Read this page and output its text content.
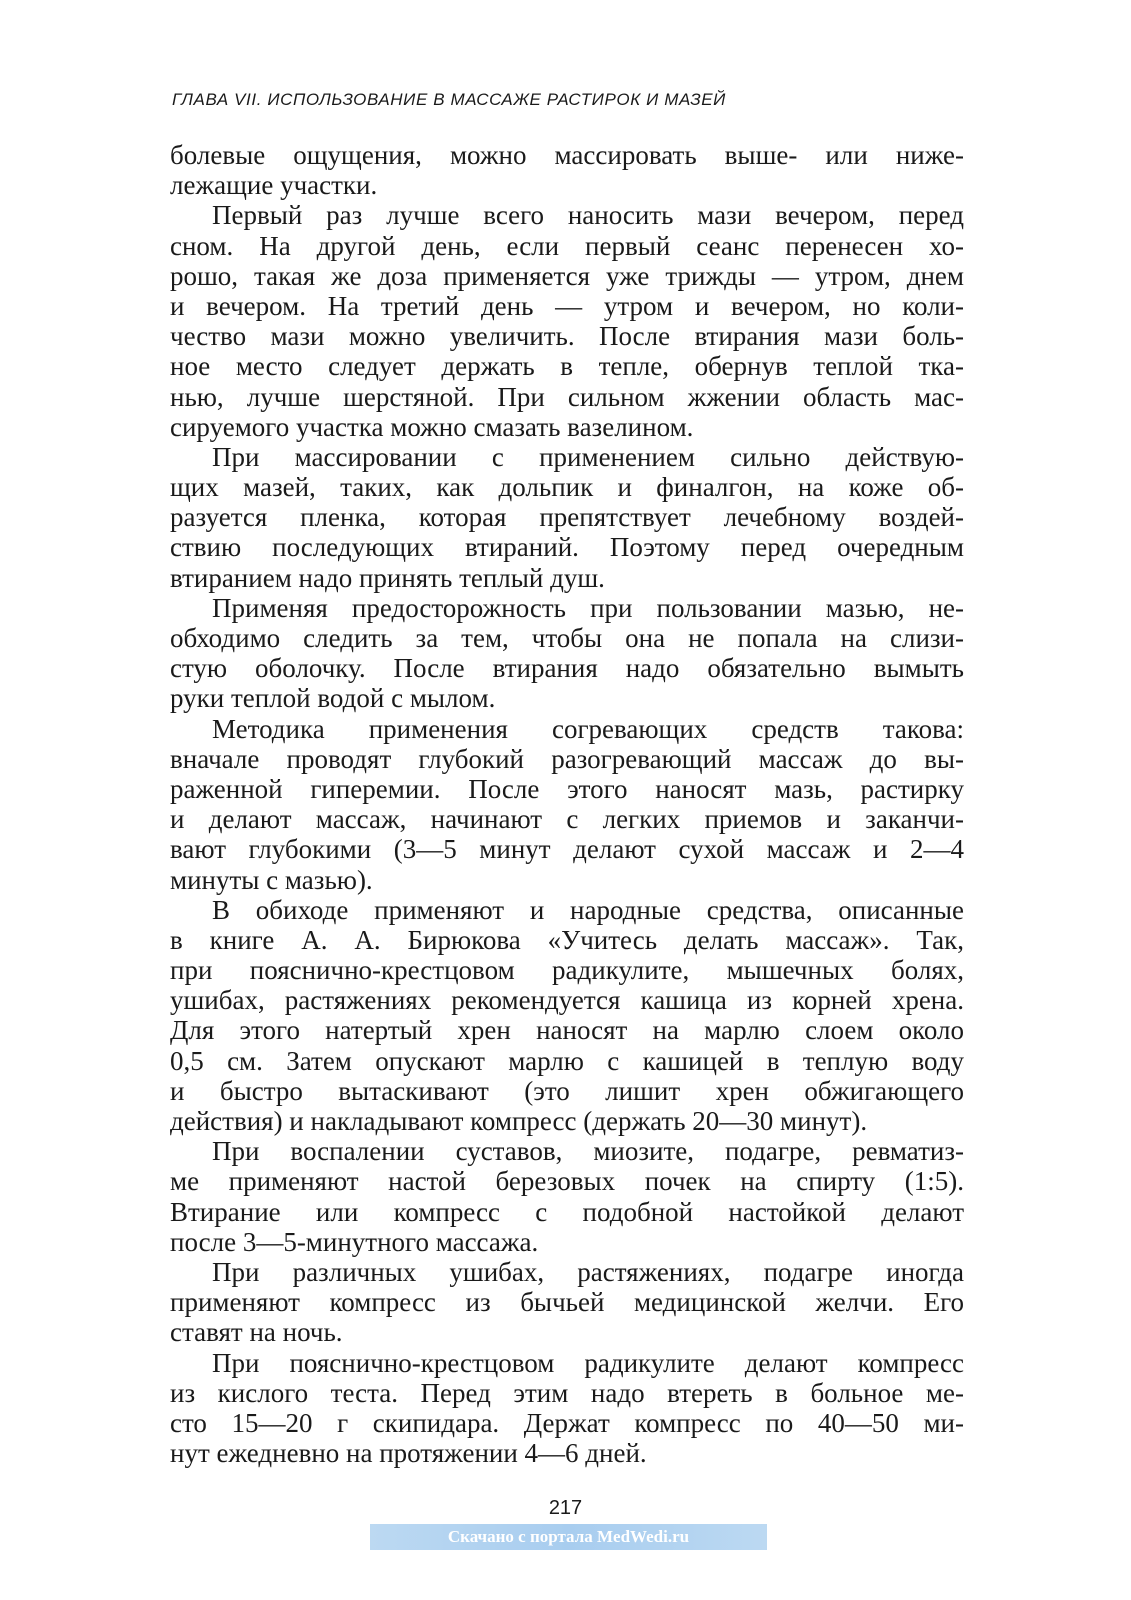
ГЛАВА VII. ИСПОЛЬЗОВАНИЕ В МАССАЖЕ РАСТИРОК И МАЗЕЙ
болевые ощущения, можно массировать выше- или ниже-
лежащие участки.
Первый раз лучше всего наносить мази вечером, перед
сном. На другой день, если первый сеанс перенесен хо-
рошо, такая же доза применяется уже трижды — утром, днем
и вечером. На третий день — утром и вечером, но коли-
чество мази можно увеличить. После втирания мази боль-
ное место следует держать в тепле, обернув теплой тка-
нью, лучше шерстяной. При сильном жжении область мас-
сируемого участка можно смазать вазелином.
При массировании с применением сильно действую-
щих мазей, таких, как дольпик и финалгон, на коже об-
разуется пленка, которая препятствует лечебному воздей-
ствию последующих втираний. Поэтому перед очередным
втиранием надо принять теплый душ.
Применяя предосторожность при пользовании мазью, не-
обходимо следить за тем, чтобы она не попала на слизи-
стую оболочку. После втирания надо обязательно вымыть
руки теплой водой с мылом.
Методика применения согревающих средств такова:
вначале проводят глубокий разогревающий массаж до вы-
раженной гиперемии. После этого наносят мазь, растирку
и делают массаж, начинают с легких приемов и заканчи-
вают глубокими (3—5 минут делают сухой массаж и 2—4
минуты с мазью).
В обиходе применяют и народные средства, описанные
в книге А. А. Бирюкова «Учитесь делать массаж». Так,
при пояснично-крестцовом радикулите, мышечных болях,
ушибах, растяжениях рекомендуется кашица из корней хрена.
Для этого натертый хрен наносят на марлю слоем около
0,5 см. Затем опускают марлю с кашицей в теплую воду
и быстро вытаскивают (это лишит хрен обжигающего
действия) и накладывают компресс (держать 20—30 минут).
При воспалении суставов, миозите, подагре, ревматиз-
ме применяют настой березовых почек на спирту (1:5).
Втирание или компресс с подобной настойкой делают
после 3—5-минутного массажа.
При различных ушибах, растяжениях, подагре иногда
применяют компресс из бычьей медицинской желчи. Его
ставят на ночь.
При пояснично-крестцовом радикулите делают компресс
из кислого теста. Перед этим надо втереть в больное ме-
сто 15—20 г скипидара. Держат компресс по 40—50 ми-
нут ежедневно на протяжении 4—6 дней.
217
Скачано с портала MedWedi.ru
